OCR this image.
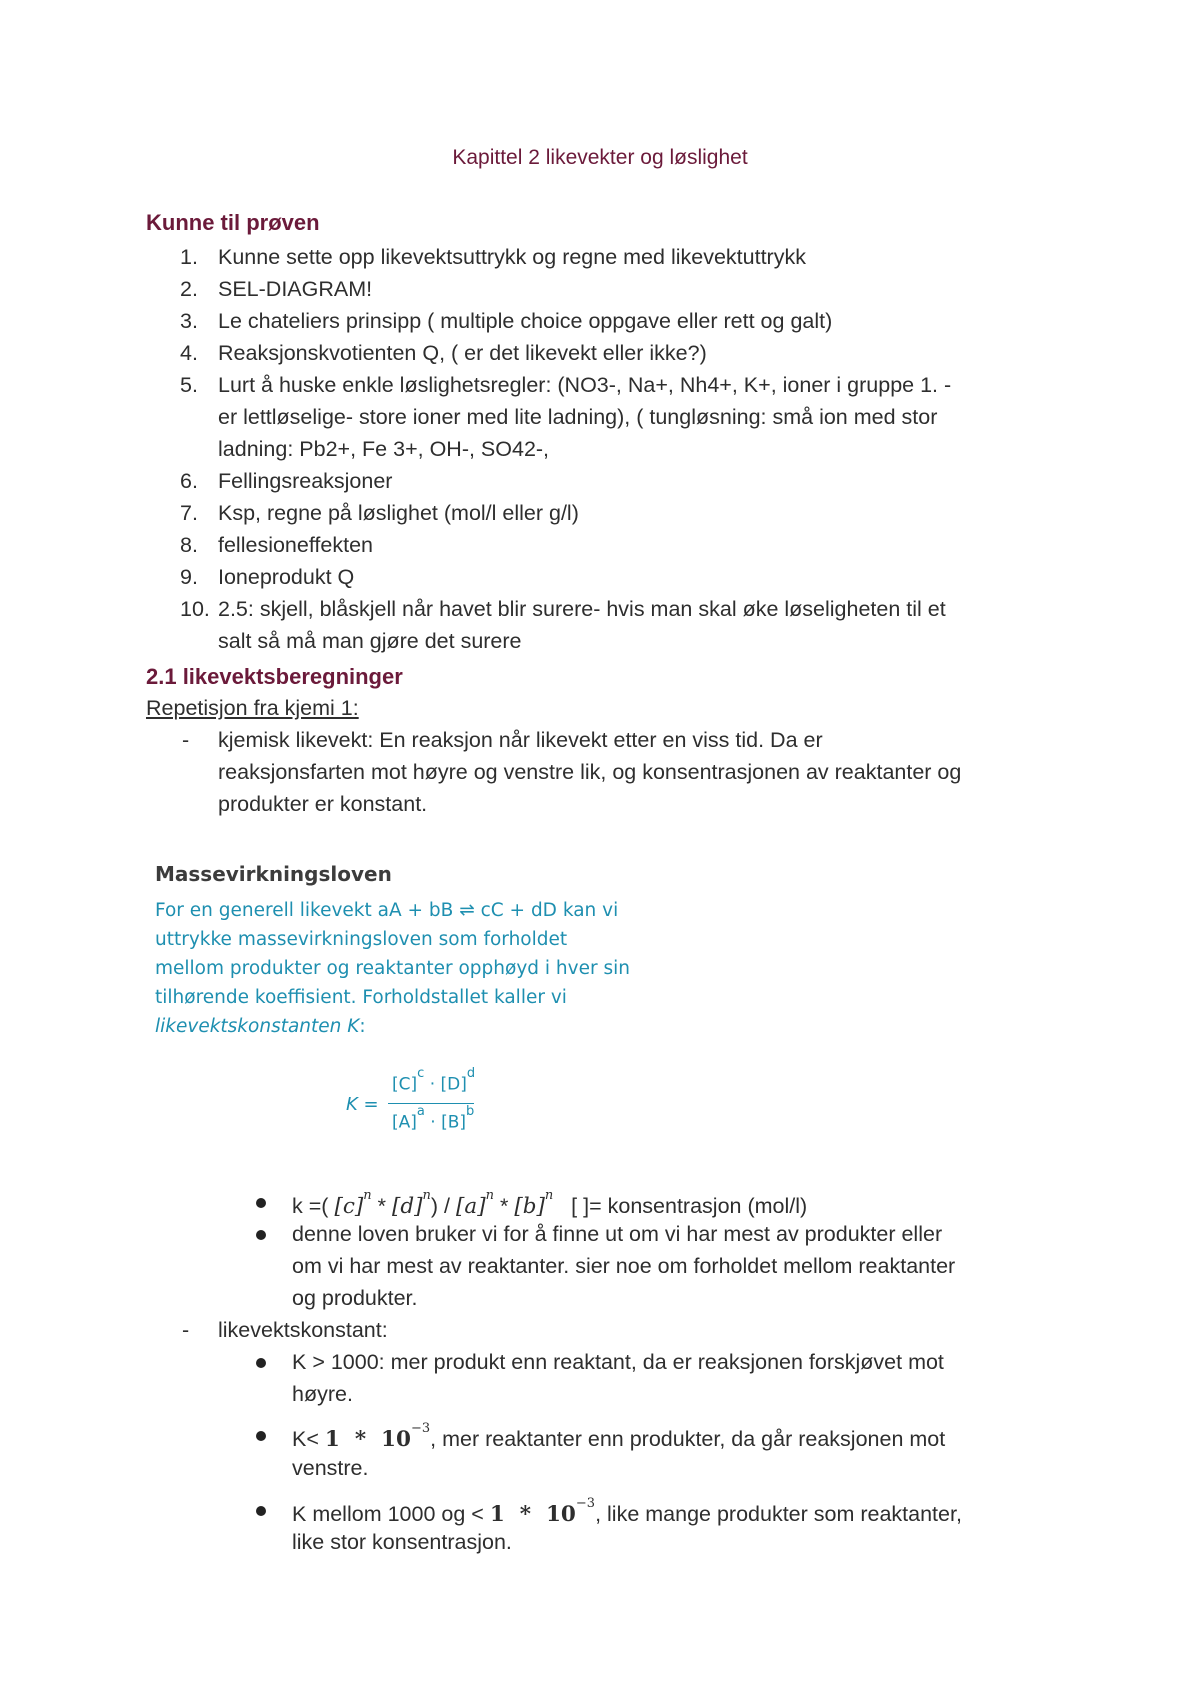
Kapittel 2 likevekter og løslighet
Kunne til prøven
1. Kunne sette opp likevektsuttrykk og regne med likevektuttrykk
2. SEL-DIAGRAM!
3. Le chateliers prinsipp ( multiple choice oppgave eller rett og galt)
4. Reaksjonskvotienten Q, ( er det likevekt eller ikke?)
5. Lurt å huske enkle løslighetsregler: (NO3-, Na+, Nh4+, K+, ioner i gruppe 1. -
er lettløselige- store ioner med lite ladning), ( tungløsning: små ion med stor
ladning: Pb2+, Fe 3+, OH-, SO42-,
6. Fellingsreaksjoner
7. Ksp, regne på løslighet (mol/l eller g/l)
8. fellesioneffekten
9. Ioneprodukt Q
10. 2.5: skjell, blåskjell når havet blir surere- hvis man skal øke løseligheten til et
salt så må man gjøre det surere
2.1 likevektsberegninger
Repetisjon fra kjemi 1:
- kjemisk likevekt: En reaksjon når likevekt etter en viss tid. Da er
reaksjonsfarten mot høyre og venstre lik, og konsentrasjonen av reaktanter og
produkter er konstant.
Massevirkningsloven
For en generell likevekt aA + bB ⇌ cC + dD kan vi
uttrykke massevirkningsloven som forholdet
mellom produkter og reaktanter opphøyd i hver sin
tilhørende koeffisient. Forholdstallet kaller vi
likevektskonstanten K:
K =
$[C]^c \cdot [D]^d$
$[A]^a \cdot [B]^b$
k =( $[c]^n * [d]^n) / [a]^n * [b]^n$ [ ]= konsentrasjon (mol/l)
denne loven bruker vi for å finne ut om vi har mest av produkter eller
om vi har mest av reaktanter. sier noe om forholdet mellom reaktanter
og produkter.
- likevektskonstant:
K > 1000: mer produkt enn reaktant, da er reaksjonen forskjøvet mot
høyre.
$K< 1 * 10^{-3}$, mer reaktanter enn produkter, da går reaksjonen mot
venstre.
K mellom 1000 og < $1 * 10^{-3}$, like mange produkter som reaktanter,
like stor konsentrasjon.
